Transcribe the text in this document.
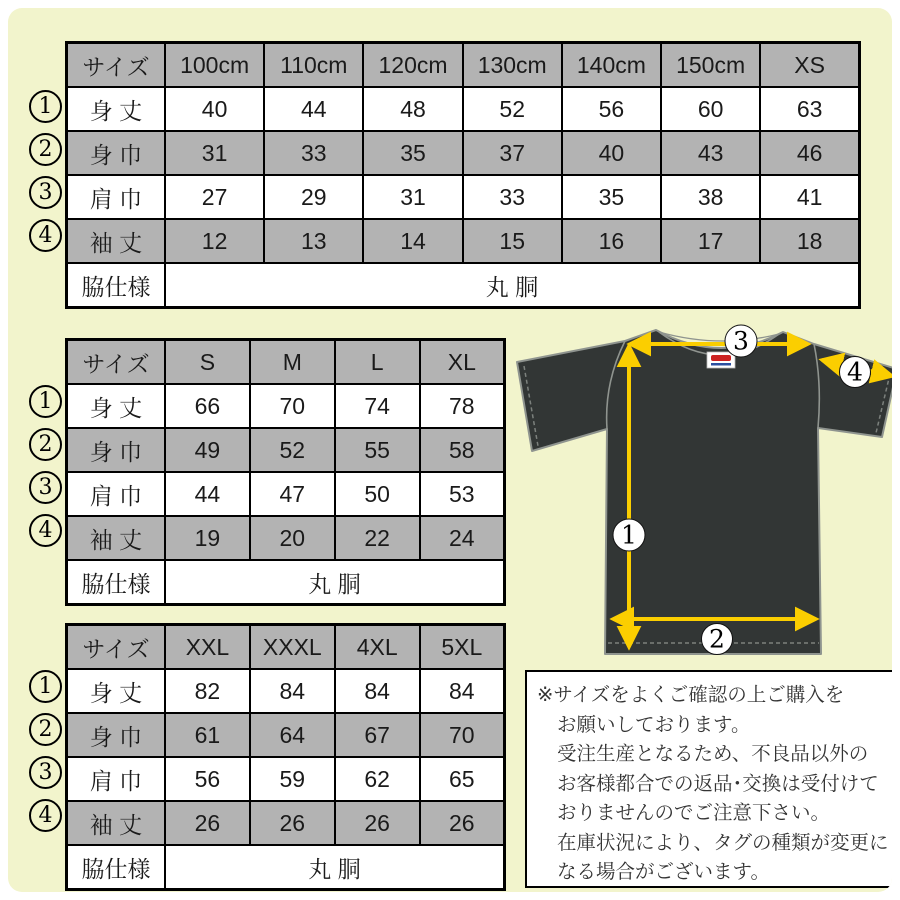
サイズ	100cm	110cm	120cm	130cm	140cm	150cm	XS
身 丈	40	44	48	52	56	60	63
身 巾	31	33	35	37	40	43	46
肩 巾	27	29	31	33	35	38	41
袖 丈	12	13	14	15	16	17	18
脇仕様	丸 胴						
サイズ	S	M	L	XL
身 丈	66	70	74	78
身 巾	49	52	55	58
肩 巾	44	47	50	53
袖 丈	19	20	22	24
脇仕様	丸 胴			
サイズ	XXL	XXXL	4XL	5XL
身 丈	82	84	84	84
身 巾	61	64	67	70
肩 巾	56	59	62	65
袖 丈	26	26	26	26
脇仕様	丸 胴			
1
2
3
4
1
2
3
4
1
2
3
4
3
4
1
2
※サイズをよくご確認の上ご購入を
お願いしております。
受注生産となるため、不良品以外の
お客様都合での返品･交換は受付けて
おりませんのでご注意下さい。
在庫状況により、タグの種類が変更に
なる場合がございます。
